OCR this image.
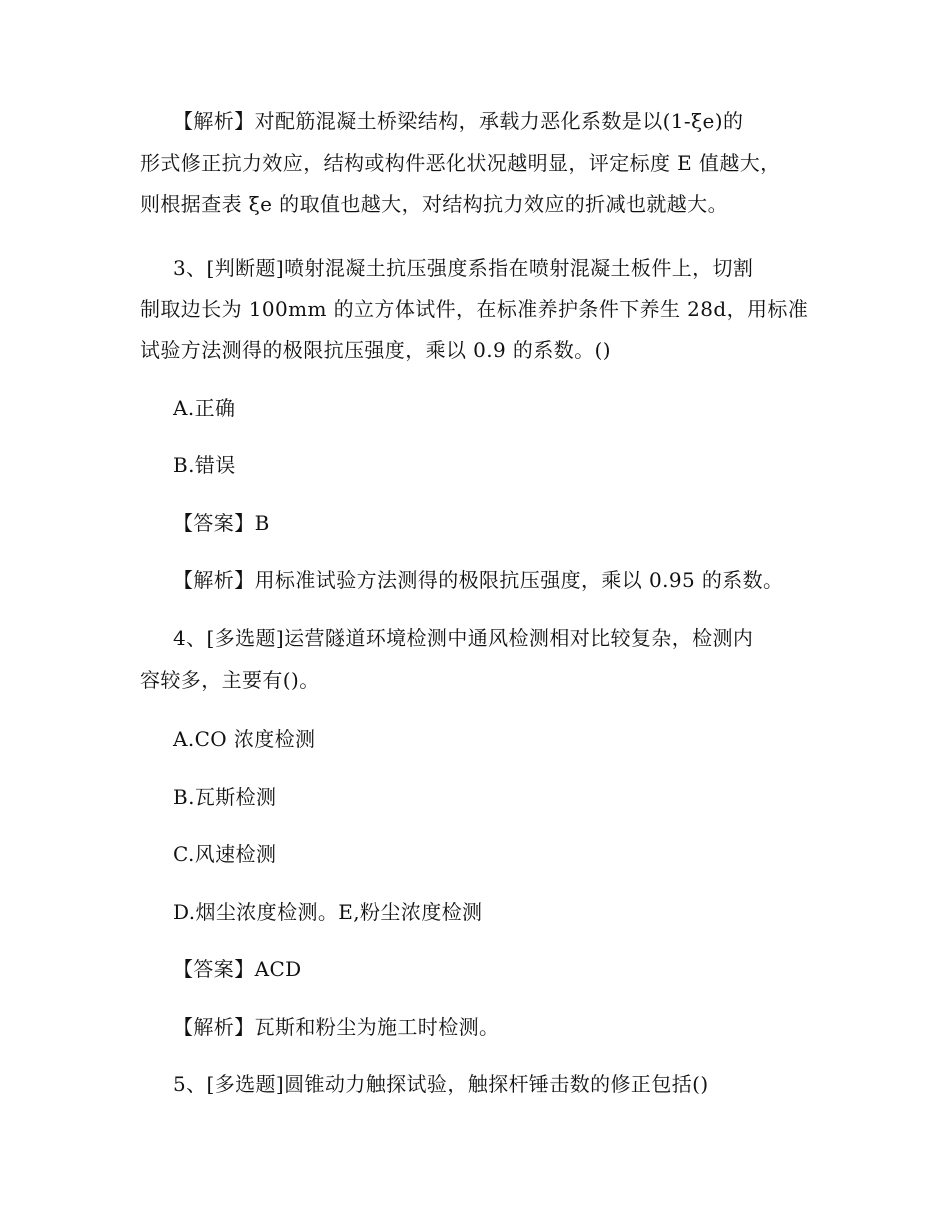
【解析】对配筋混凝土桥梁结构，承载力恶化系数是以(1-ξe)的
形式修正抗力效应，结构或构件恶化状况越明显，评定标度 E 值越大，
则根据查表 ξe 的取值也越大，对结构抗力效应的折减也就越大。
3、[判断题]喷射混凝土抗压强度系指在喷射混凝土板件上，切割
制取边长为 100mm 的立方体试件，在标准养护条件下养生 28d，用标准
试验方法测得的极限抗压强度，乘以 0.9 的系数。()
A.正确
B.错误
【答案】B
【解析】用标准试验方法测得的极限抗压强度，乘以 0.95 的系数。
4、[多选题]运营隧道环境检测中通风检测相对比较复杂，检测内
容较多，主要有()。
A.CO 浓度检测
B.瓦斯检测
C.风速检测
D.烟尘浓度检测。E,粉尘浓度检测
【答案】ACD
【解析】瓦斯和粉尘为施工时检测。
5、[多选题]圆锥动力触探试验，触探杆锤击数的修正包括()
